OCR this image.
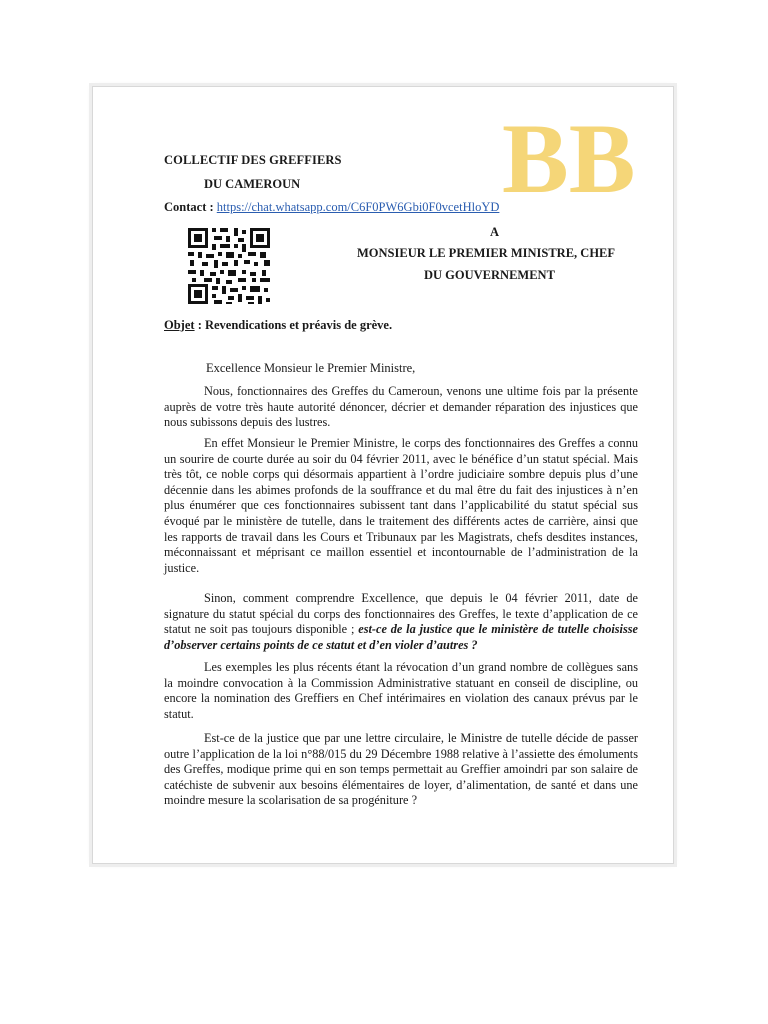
BB
COLLECTIF DES GREFFIERS
DU CAMEROUN
Contact : https://chat.whatsapp.com/C6F0PW6Gbi0F0vcetHloYD
A
MONSIEUR LE PREMIER MINISTRE, CHEF
DU GOUVERNEMENT
Objet : Revendications et préavis de grève.
Excellence Monsieur le Premier Ministre,

Nous, fonctionnaires des Greffes du Cameroun, venons une ultime fois par la présente auprès de votre très haute autorité dénoncer, décrier et demander réparation des injustices que nous subissons depuis des lustres.

En effet Monsieur le Premier Ministre, le corps des fonctionnaires des Greffes a connu un sourire de courte durée au soir du 04 février 2011, avec le bénéfice d’un statut spécial. Mais très tôt, ce noble corps qui désormais appartient à l’ordre judiciaire sombre depuis plus d’une décennie dans les abimes profonds de la souffrance et du mal être du fait des injustices à n’en plus énumérer que ces fonctionnaires subissent tant dans l’applicabilité du statut spécial sus évoqué par le ministère de tutelle, dans le traitement des différents actes de carrière, ainsi que les rapports de travail dans les Cours et Tribunaux par les Magistrats, chefs desdites instances, méconnaissant et méprisant ce maillon essentiel et incontournable de l’administration de la justice.

Sinon, comment comprendre Excellence, que depuis le 04 février 2011, date de signature du statut spécial du corps des fonctionnaires des Greffes, le texte d’application de ce statut ne soit pas toujours disponible ; est-ce de la justice que le ministère de tutelle choisisse d’observer certains points de ce statut et d’en violer d’autres ?

Les exemples les plus récents étant la révocation d’un grand nombre de collègues sans la moindre convocation à la Commission Administrative statuant en conseil de discipline, ou encore la nomination des Greffiers en Chef intérimaires en violation des canaux prévus par le statut.

Est-ce de la justice que par une lettre circulaire, le Ministre de tutelle décide de passer outre l’application de la loi n°88/015 du 29 Décembre 1988 relative à l’assiette des émoluments des Greffes, modique prime qui en son temps permettait au Greffier amoindri par son salaire de catéchiste de subvenir aux besoins élémentaires de loyer, d’alimentation, de santé et dans une moindre mesure la scolarisation de sa progéniture ?
